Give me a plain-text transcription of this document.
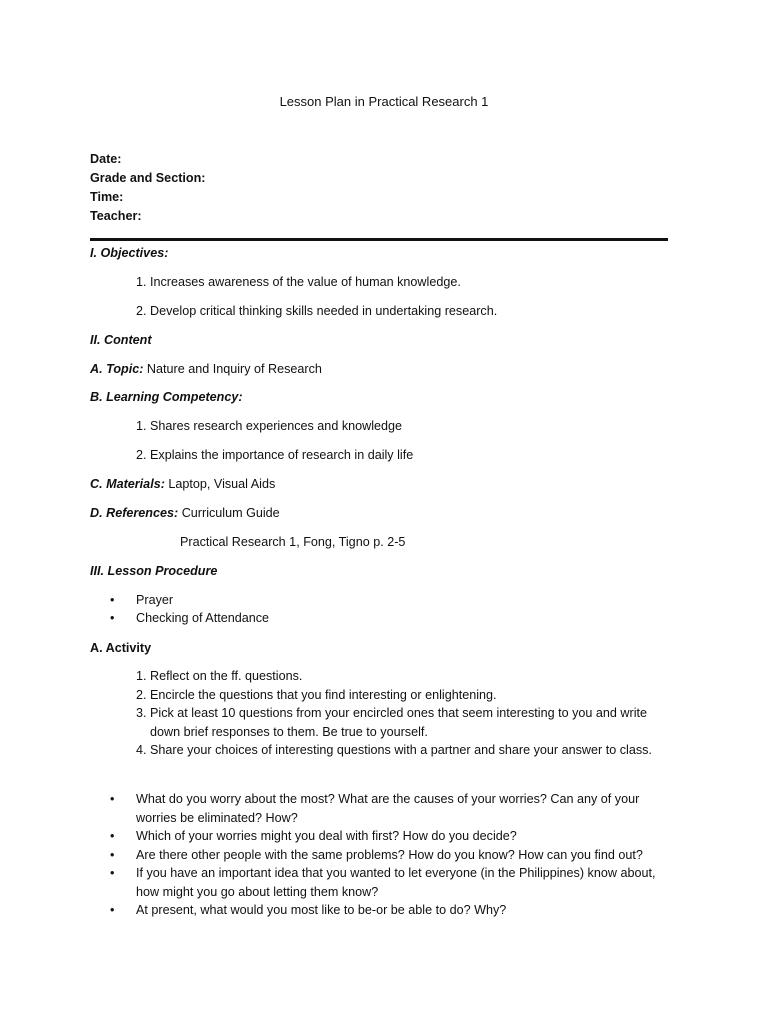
Lesson Plan in Practical Research 1
Date:
Grade and Section:
Time:
Teacher:
I. Objectives:
1. Increases awareness of the value of human knowledge.
2. Develop critical thinking skills needed in undertaking research.
II. Content
A. Topic: Nature and Inquiry of Research
B. Learning Competency:
1. Shares research experiences and knowledge
2. Explains the importance of research in daily life
C. Materials: Laptop, Visual Aids
D. References: Curriculum Guide
Practical Research 1, Fong, Tigno p. 2-5
III. Lesson Procedure
• Prayer
• Checking of Attendance
A. Activity
1. Reflect on the ff. questions.
2. Encircle the questions that you find interesting or enlightening.
3. Pick at least 10 questions from your encircled ones that seem interesting to you and write down brief responses to them. Be true to yourself.
4. Share your choices of interesting questions with a partner and share your answer to class.
• What do you worry about the most? What are the causes of your worries? Can any of your worries be eliminated? How?
• Which of your worries might you deal with first? How do you decide?
• Are there other people with the same problems? How do you know? How can you find out?
• If you have an important idea that you wanted to let everyone (in the Philippines) know about, how might you go about letting them know?
• At present, what would you most like to be-or be able to do? Why?
